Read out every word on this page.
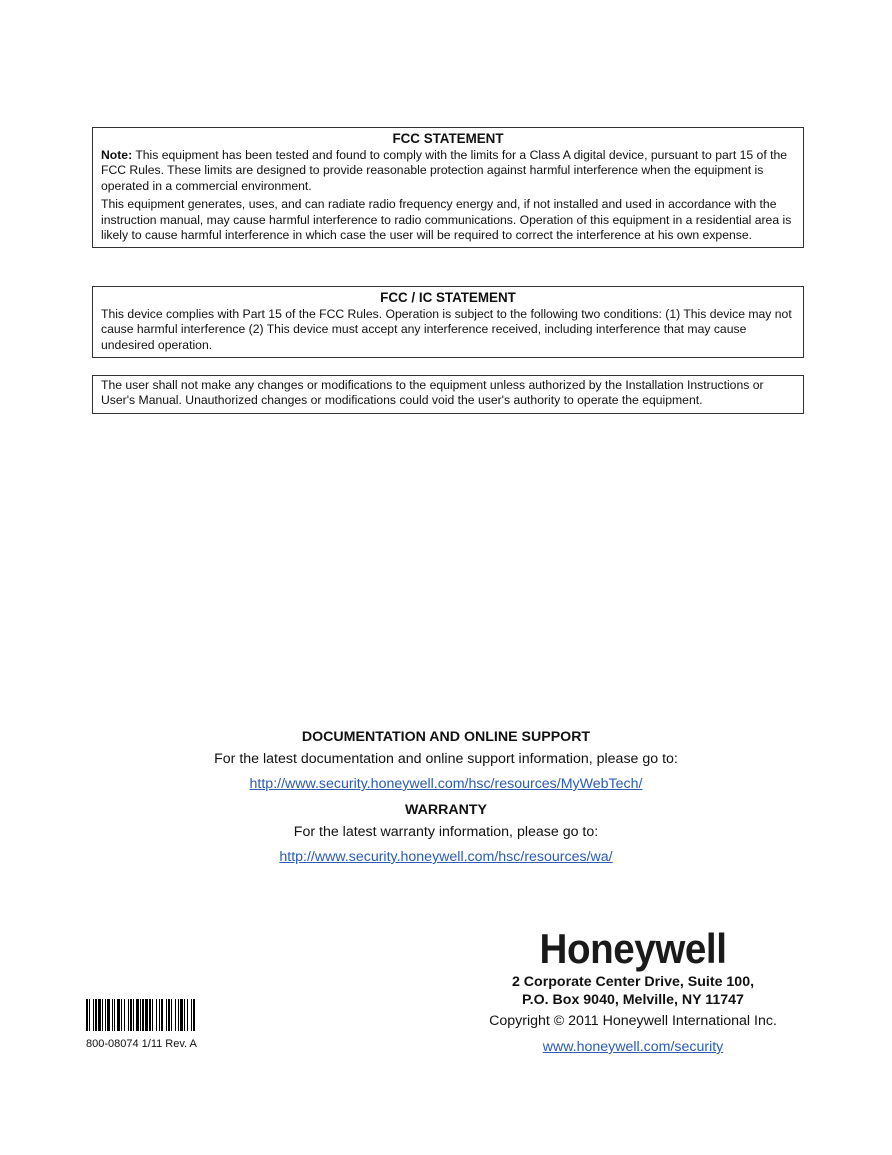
FCC STATEMENT

Note: This equipment has been tested and found to comply with the limits for a Class A digital device, pursuant to part 15 of the FCC Rules. These limits are designed to provide reasonable protection against harmful interference when the equipment is operated in a commercial environment.

This equipment generates, uses, and can radiate radio frequency energy and, if not installed and used in accordance with the instruction manual, may cause harmful interference to radio communications. Operation of this equipment in a residential area is likely to cause harmful interference in which case the user will be required to correct the interference at his own expense.

FCC / IC STATEMENT

This device complies with Part 15 of the FCC Rules. Operation is subject to the following two conditions: (1) This device may not cause harmful interference (2) This device must accept any interference received, including interference that may cause undesired operation.

The user shall not make any changes or modifications to the equipment unless authorized by the Installation Instructions or User's Manual. Unauthorized changes or modifications could void the user's authority to operate the equipment.

DOCUMENTATION AND ONLINE SUPPORT
For the latest documentation and online support information, please go to:
http://www.security.honeywell.com/hsc/resources/MyWebTech/
WARRANTY
For the latest warranty information, please go to:
http://www.security.honeywell.com/hsc/resources/wa/
Honeywell
2 Corporate Center Drive, Suite 100,
P.O. Box 9040, Melville, NY 11747
Copyright © 2011 Honeywell International Inc.
www.honeywell.com/security
800-08074 1/11 Rev. A
